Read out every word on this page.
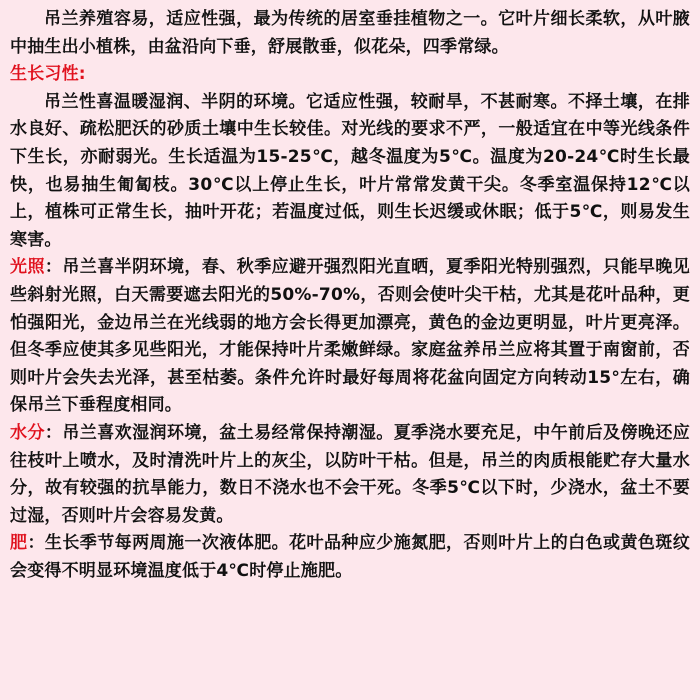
吊兰养殖容易，适应性强，最为传统的居室垂挂植物之一。它叶片细长柔软，从叶腋中抽生出小植株，由盆沿向下垂，舒展散垂，似花朵，四季常绿。

生长习性:

吊兰性喜温暖湿润、半阴的环境。它适应性强，较耐旱，不甚耐寒。不择土壤，在排水良好、疏松肥沃的砂质土壤中生长较佳。对光线的要求不严，一般适宜在中等光线条件下生长，亦耐弱光。生长适温为15-25℃，越冬温度为5℃。温度为20-24℃时生长最快，也易抽生匍匐枝。30℃以上停止生长，叶片常常发黄干尖。冬季室温保持12℃以上，植株可正常生长，抽叶开花；若温度过低，则生长迟缓或休眠；低于5℃，则易发生寒害。

光照：吊兰喜半阴环境，春、秋季应避开强烈阳光直晒，夏季阳光特别强烈，只能早晚见些斜射光照，白天需要遮去阳光的50%-70%，否则会使叶尖干枯，尤其是花叶品种，更怕强阳光，金边吊兰在光线弱的地方会长得更加漂亮，黄色的金边更明显，叶片更亮泽。但冬季应使其多见些阳光，才能保持叶片柔嫩鲜绿。家庭盆养吊兰应将其置于南窗前，否则叶片会失去光泽，甚至枯萎。条件允许时最好每周将花盆向固定方向转动15°左右，确保吊兰下垂程度相同。

水分：吊兰喜欢湿润环境，盆土易经常保持潮湿。夏季浇水要充足，中午前后及傍晚还应往枝叶上喷水，及时清洗叶片上的灰尘，以防叶干枯。但是，吊兰的肉质根能贮存大量水分，故有较强的抗旱能力，数日不浇水也不会干死。冬季5℃以下时，少浇水，盆土不要过湿，否则叶片会容易发黄。

肥：生长季节每两周施一次液体肥。花叶品种应少施氮肥，否则叶片上的白色或黄色斑纹会变得不明显环境温度低于4℃时停止施肥。
